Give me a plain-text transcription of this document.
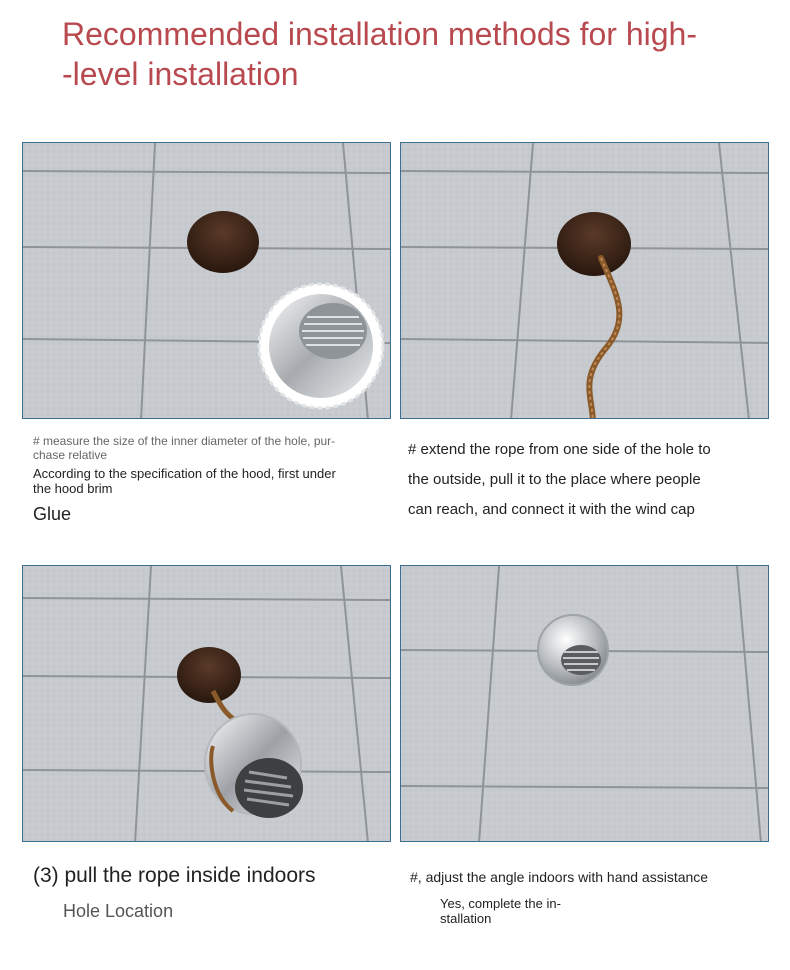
Recommended installation methods for high-
-level installation
# measure the size of the inner diameter of the hole, pur-
chase relative
According to the specification of the hood, first under
the hood brim
Glue
# extend the rope from one side of the hole to
the outside, pull it to the place where people
can reach, and connect it with the wind cap
(3) pull the rope inside indoors
Hole Location
#, adjust the angle indoors with hand assistance
Yes, complete the in-
stallation
